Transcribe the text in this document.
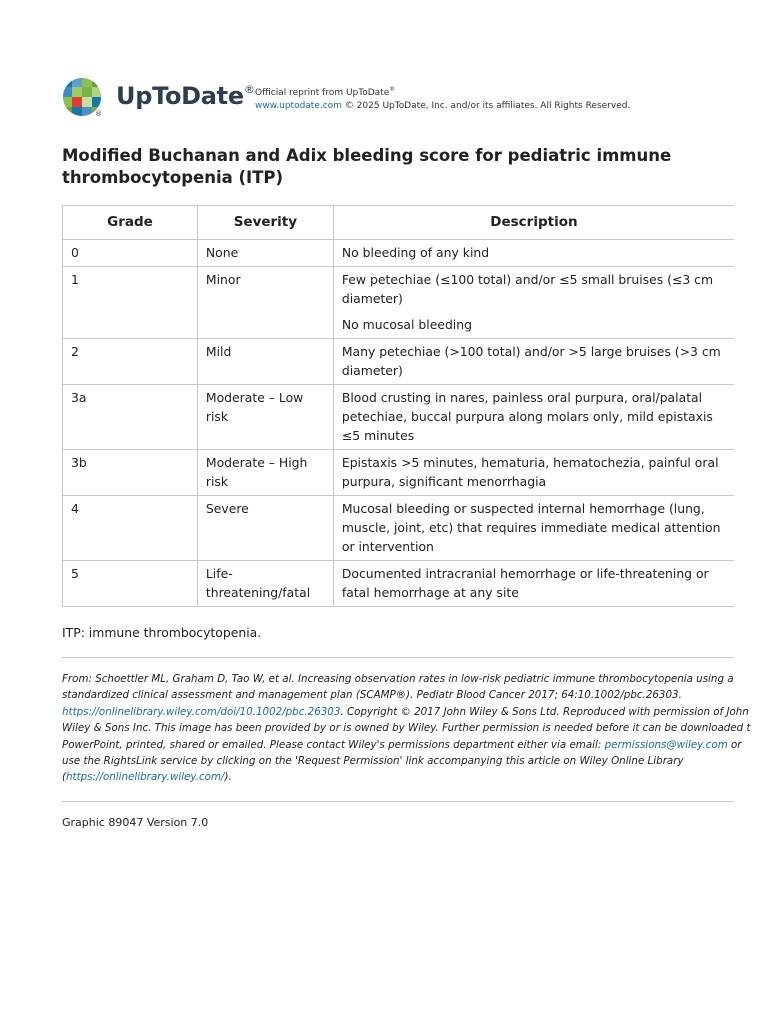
®
UpToDate® Official reprint from UpToDate®
www.uptodate.com © 2025 UpToDate, Inc. and/or its affiliates. All Rights Reserved.
Modified Buchanan and Adix bleeding score for pediatric immune thrombocytopenia (ITP)
Grade	Severity	Description
0	None	No bleeding of any kind

1	Minor	Few petechiae (≤100 total) and/or ≤5 small bruises (≤3 cm diameter)

No mucosal bleeding

2	Mild	Many petechiae (>100 total) and/or >5 large bruises (>3 cm diameter)

3a	Moderate – Low risk	Blood crusting in nares, painless oral purpura, oral/palatal petechiae, buccal purpura along molars only, mild epistaxis ≤5 minutes

3b	Moderate – High risk	Epistaxis >5 minutes, hematuria, hematochezia, painful oral purpura, significant menorrhagia

4	Severe	Mucosal bleeding or suspected internal hemorrhage (lung, muscle, joint, etc) that requires immediate medical attention or intervention

5	Life-threatening/fatal	Documented intracranial hemorrhage or life-threatening or fatal hemorrhage at any site

ITP: immune thrombocytopenia.
From: Schoettler ML, Graham D, Tao W, et al. Increasing observation rates in low-risk pediatric immune thrombocytopenia using a
standardized clinical assessment and management plan (SCAMP®). Pediatr Blood Cancer 2017; 64:10.1002/pbc.26303.
https://onlinelibrary.wiley.com/doi/10.1002/pbc.26303. Copyright © 2017 John Wiley & Sons Ltd. Reproduced with permission of John
Wiley & Sons Inc. This image has been provided by or is owned by Wiley. Further permission is needed before it can be downloaded t
PowerPoint, printed, shared or emailed. Please contact Wiley's permissions department either via email: permissions@wiley.com or
use the RightsLink service by clicking on the 'Request Permission' link accompanying this article on Wiley Online Library
(https://onlinelibrary.wiley.com/).
Graphic 89047 Version 7.0
